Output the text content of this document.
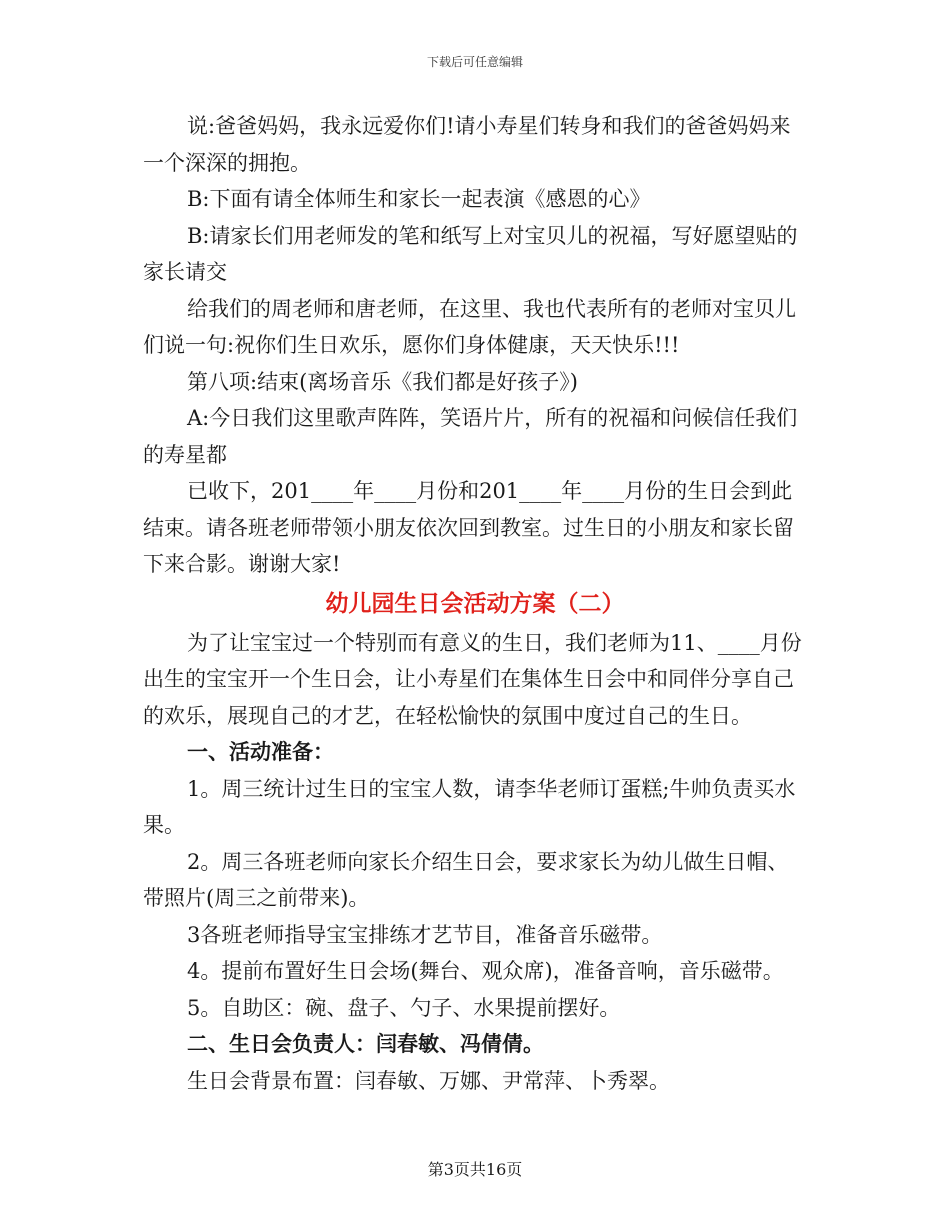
下载后可任意编辑

说:爸爸妈妈，我永远爱你们!请小寿星们转身和我们的爸爸妈妈来一个深深的拥抱。

B:下面有请全体师生和家长一起表演《感恩的心》

B:请家长们用老师发的笔和纸写上对宝贝儿的祝福，写好愿望贴的家长请交

给我们的周老师和唐老师，在这里、我也代表所有的老师对宝贝儿们说一句:祝你们生日欢乐，愿你们身体健康，天天快乐!!!

第八项:结束(离场音乐《我们都是好孩子》)

A:今日我们这里歌声阵阵，笑语片片，所有的祝福和问候信任我们的寿星都

已收下，201____年____月份和201____年____月份的生日会到此结束。请各班老师带领小朋友依次回到教室。过生日的小朋友和家长留下来合影。谢谢大家!

幼儿园生日会活动方案（二）

为了让宝宝过一个特别而有意义的生日，我们老师为11、____月份出生的宝宝开一个生日会，让小寿星们在集体生日会中和同伴分享自己的欢乐，展现自己的才艺，在轻松愉快的氛围中度过自己的生日。

一、活动准备：

1。周三统计过生日的宝宝人数，请李华老师订蛋糕;牛帅负责买水果。

2。周三各班老师向家长介绍生日会，要求家长为幼儿做生日帽、带照片(周三之前带来)。

3各班老师指导宝宝排练才艺节目，准备音乐磁带。

4。提前布置好生日会场(舞台、观众席)，准备音响，音乐磁带。

5。自助区：碗、盘子、勺子、水果提前摆好。

二、生日会负责人：闫春敏、冯倩倩。

生日会背景布置：闫春敏、万娜、尹常萍、卜秀翠。

第3页共16页
